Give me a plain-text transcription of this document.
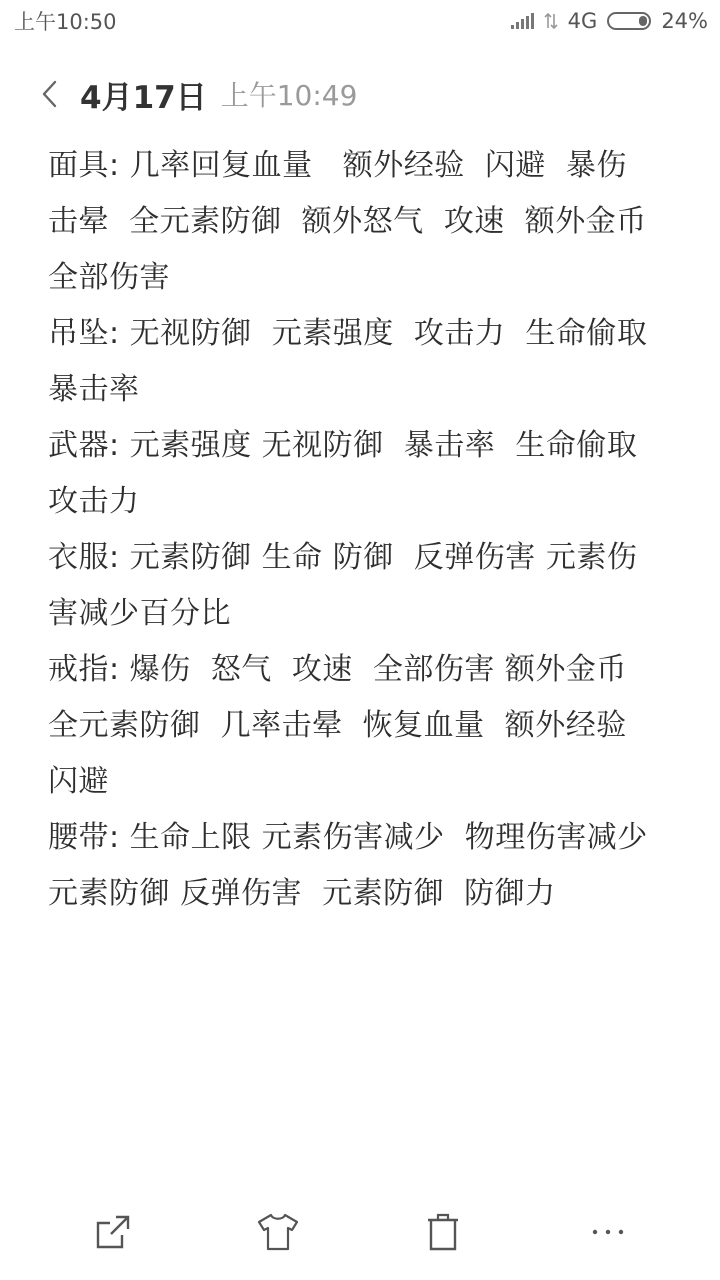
上午10:50	4G	24%
4月17日 上午10:49
面具: 几率回复血量   额外经验  闪避  暴伤
击晕  全元素防御  额外怒气  攻速  额外金币
全部伤害
吊坠: 无视防御  元素强度  攻击力  生命偷取
暴击率
武器: 元素强度 无视防御  暴击率  生命偷取
攻击力
衣服: 元素防御 生命 防御  反弹伤害 元素伤
害减少百分比
戒指: 爆伤  怒气  攻速  全部伤害 额外金币
全元素防御  几率击晕  恢复血量  额外经验
闪避
腰带: 生命上限 元素伤害减少  物理伤害减少
元素防御 反弹伤害  元素防御  防御力
